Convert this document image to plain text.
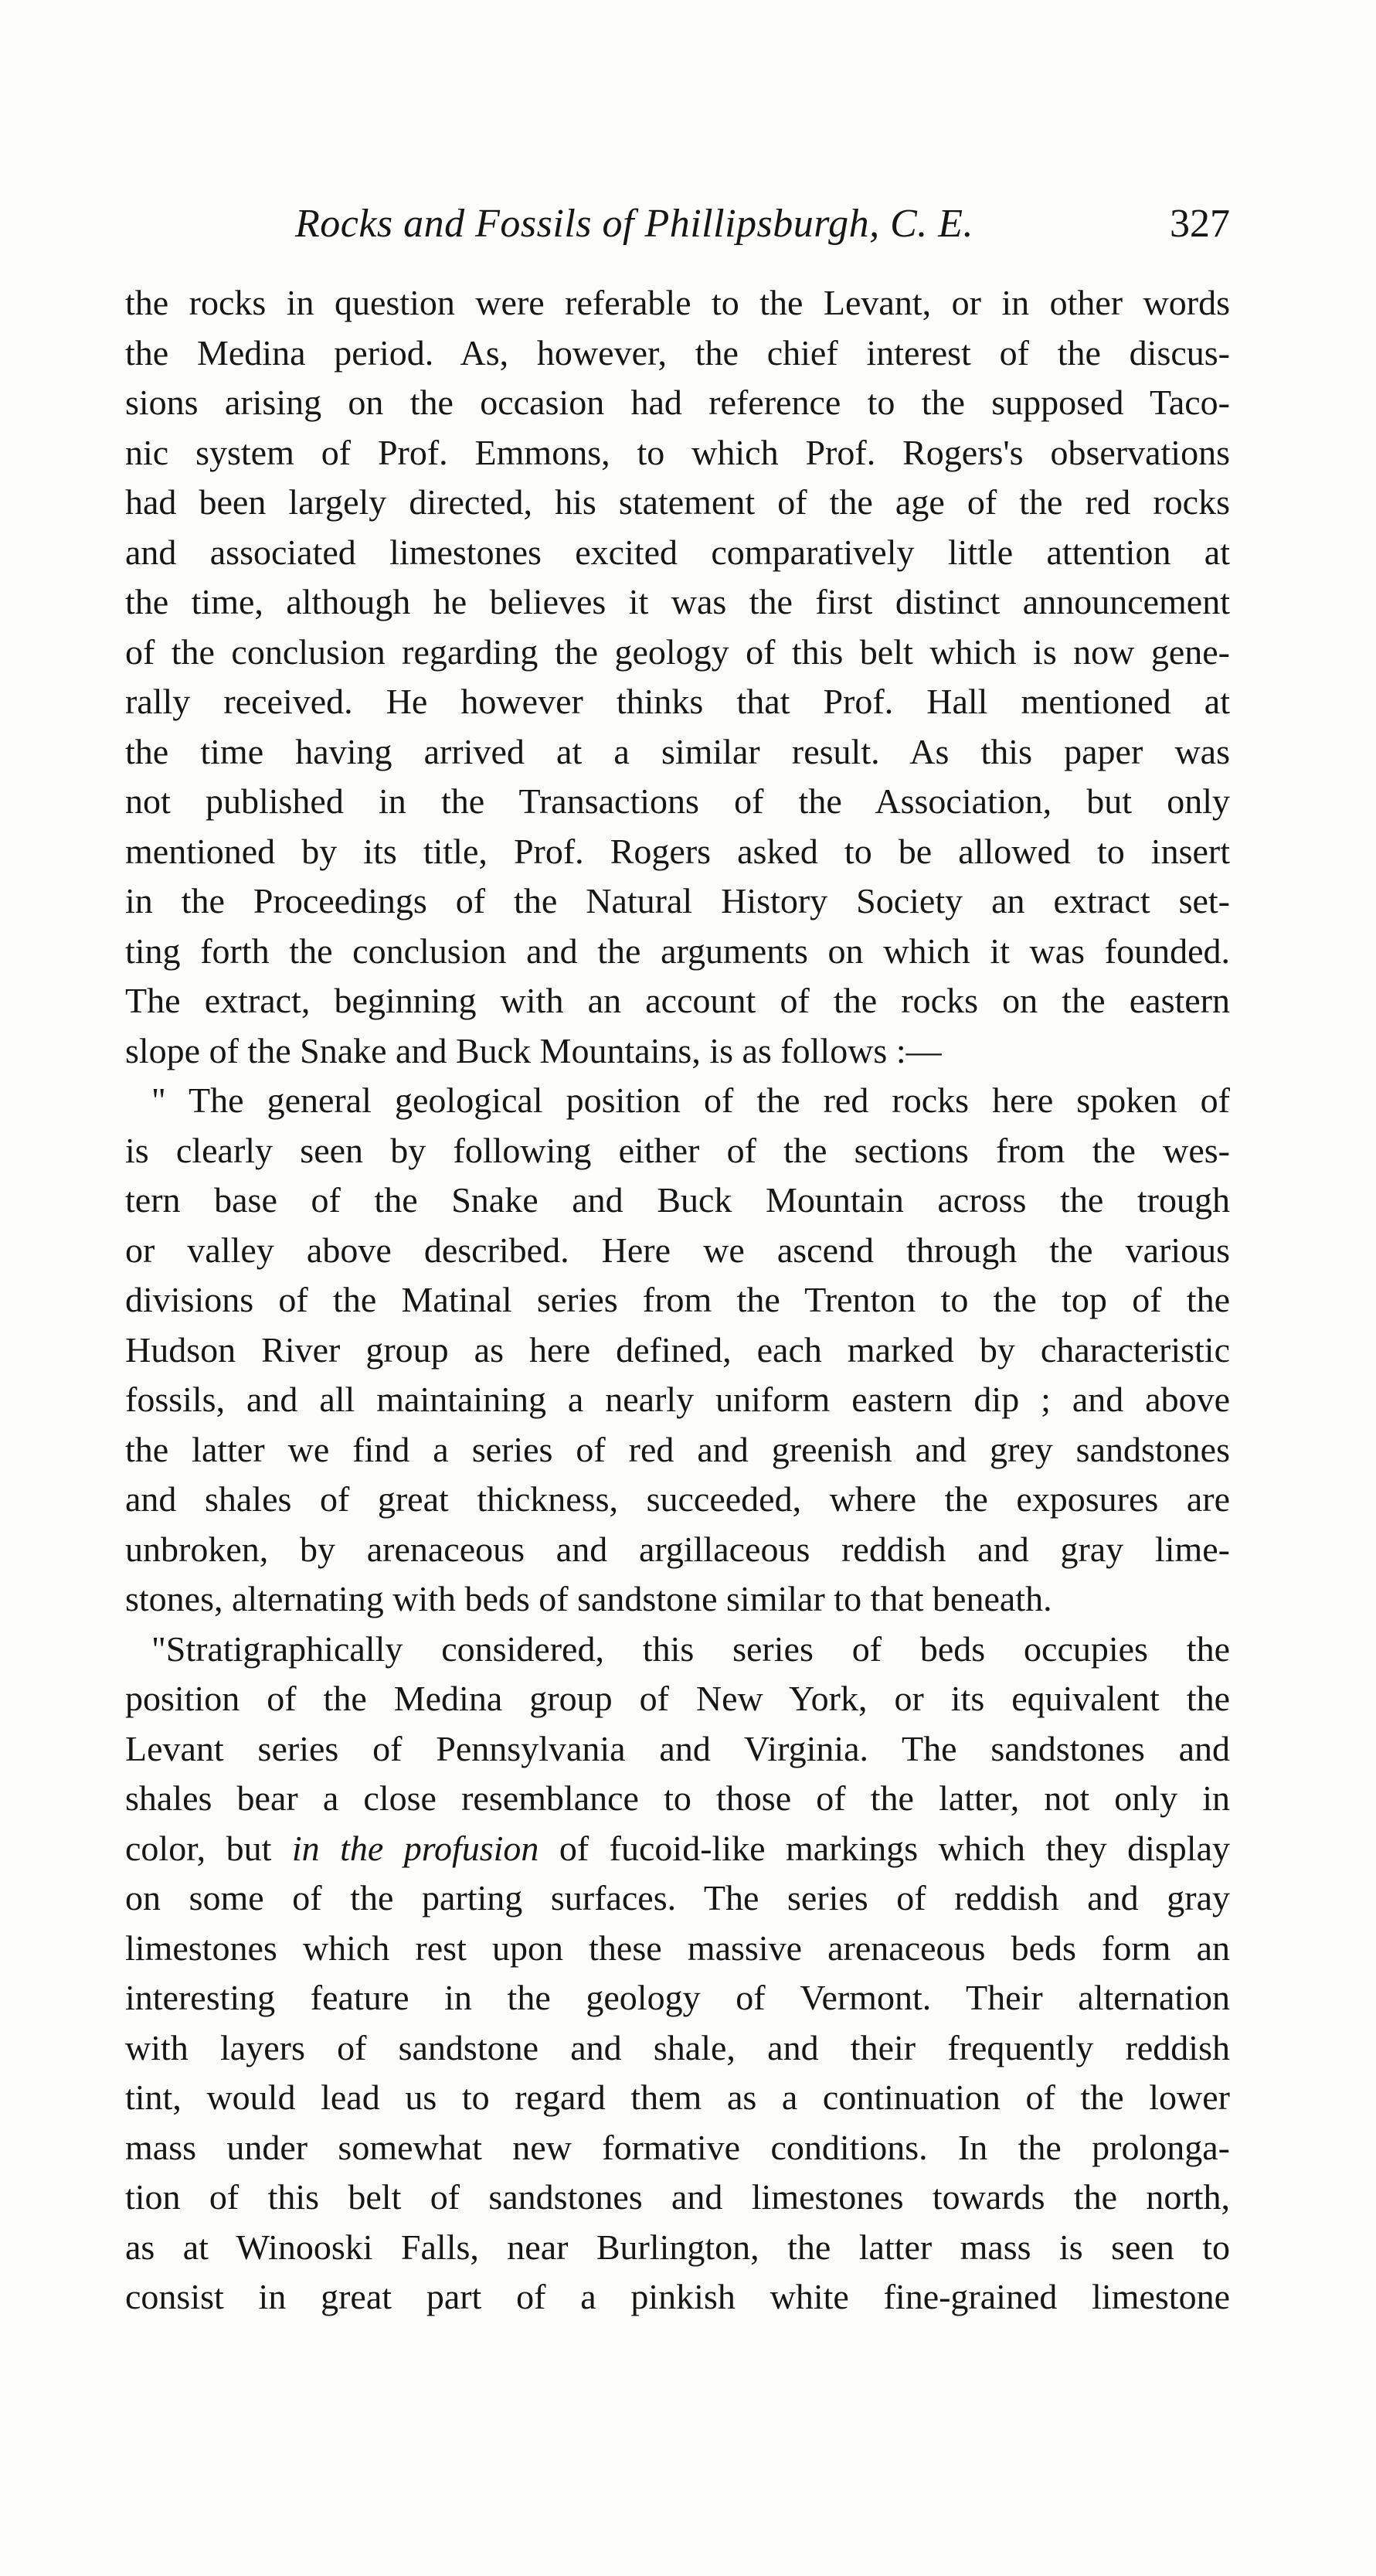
Rocks and Fossils of Phillipsburgh, C. E.	327
the rocks in question were referable to the Levant, or in other words
the Medina period. As, however, the chief interest of the discus-
sions arising on the occasion had reference to the supposed Taco-
nic system of Prof. Emmons, to which Prof. Rogers's observations
had been largely directed, his statement of the age of the red rocks
and associated limestones excited comparatively little attention at
the time, although he believes it was the first distinct announcement
of the conclusion regarding the geology of this belt which is now gene-
rally received. He however thinks that Prof. Hall mentioned at
the time having arrived at a similar result. As this paper was
not published in the Transactions of the Association, but only
mentioned by its title, Prof. Rogers asked to be allowed to insert
in the Proceedings of the Natural History Society an extract set-
ting forth the conclusion and the arguments on which it was founded.
The extract, beginning with an account of the rocks on the eastern
slope of the Snake and Buck Mountains, is as follows :—
" The general geological position of the red rocks here spoken of
is clearly seen by following either of the sections from the wes-
tern base of the Snake and Buck Mountain across the trough
or valley above described. Here we ascend through the various
divisions of the Matinal series from the Trenton to the top of the
Hudson River group as here defined, each marked by characteristic
fossils, and all maintaining a nearly uniform eastern dip ; and above
the latter we find a series of red and greenish and grey sandstones
and shales of great thickness, succeeded, where the exposures are
unbroken, by arenaceous and argillaceous reddish and gray lime-
stones, alternating with beds of sandstone similar to that beneath.
"Stratigraphically considered, this series of beds occupies the
position of the Medina group of New York, or its equivalent the
Levant series of Pennsylvania and Virginia. The sandstones and
shales bear a close resemblance to those of the latter, not only in
color, but in the profusion of fucoid-like markings which they display
on some of the parting surfaces. The series of reddish and gray
limestones which rest upon these massive arenaceous beds form an
interesting feature in the geology of Vermont. Their alternation
with layers of sandstone and shale, and their frequently reddish
tint, would lead us to regard them as a continuation of the lower
mass under somewhat new formative conditions. In the prolonga-
tion of this belt of sandstones and limestones towards the north,
as at Winooski Falls, near Burlington, the latter mass is seen to
consist in great part of a pinkish white fine-grained limestone
